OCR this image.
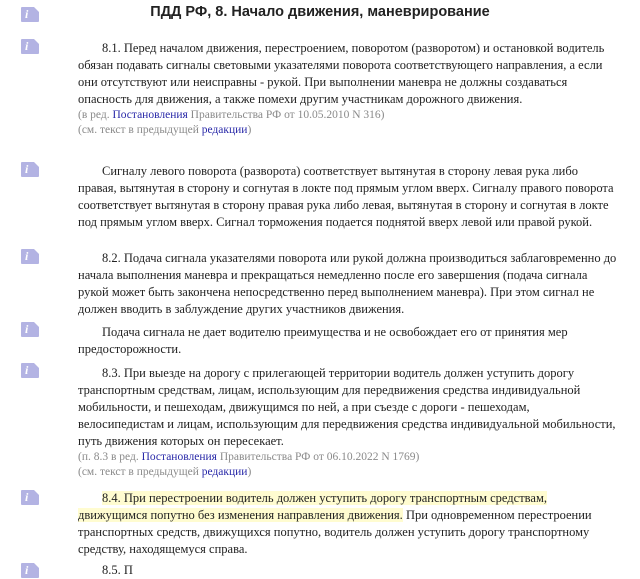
ПДД РФ, 8. Начало движения, маневрирование
i
i	8.1. Перед началом движения, перестроением, поворотом (разворотом) и остановкой водитель обязан подавать сигналы световыми указателями поворота соответствующего направления, а если они отсутствуют или неисправны - рукой. При выполнении маневра не должны создаваться опасность для движения, а также помехи другим участникам дорожного движения.

(в ред. Постановления Правительства РФ от 10.05.2010 N 316)

(см. текст в предыдущей редакции)

i	Сигналу левого поворота (разворота) соответствует вытянутая в сторону левая рука либо правая, вытянутая в сторону и согнутая в локте под прямым углом вверх. Сигналу правого поворота соответствует вытянутая в сторону правая рука либо левая, вытянутая в сторону и согнутая в локте под прямым углом вверх. Сигнал торможения подается поднятой вверх левой или правой рукой.

i	8.2. Подача сигнала указателями поворота или рукой должна производиться заблаговременно до начала выполнения маневра и прекращаться немедленно после его завершения (подача сигнала рукой может быть закончена непосредственно перед выполнением маневра). При этом сигнал не должен вводить в заблуждение других участников движения.

i	Подача сигнала не дает водителю преимущества и не освобождает его от принятия мер предосторожности.

i	8.3. При выезде на дорогу с прилегающей территории водитель должен уступить дорогу транспортным средствам, лицам, использующим для передвижения средства индивидуальной мобильности, и пешеходам, движущимся по ней, а при съезде с дороги - пешеходам, велосипедистам и лицам, использующим для передвижения средства индивидуальной мобильности, путь движения которых он пересекает.

(п. 8.3 в ред. Постановления Правительства РФ от 06.10.2022 N 1769)

(см. текст в предыдущей редакции)

i	8.4. При перестроении водитель должен уступить дорогу транспортным средствам, движущимся попутно без изменения направления движения. При одновременном перестроении транспортных средств, движущихся попутно, водитель должен уступить дорогу транспортному средству, находящемуся справа.

i	8.5. П
